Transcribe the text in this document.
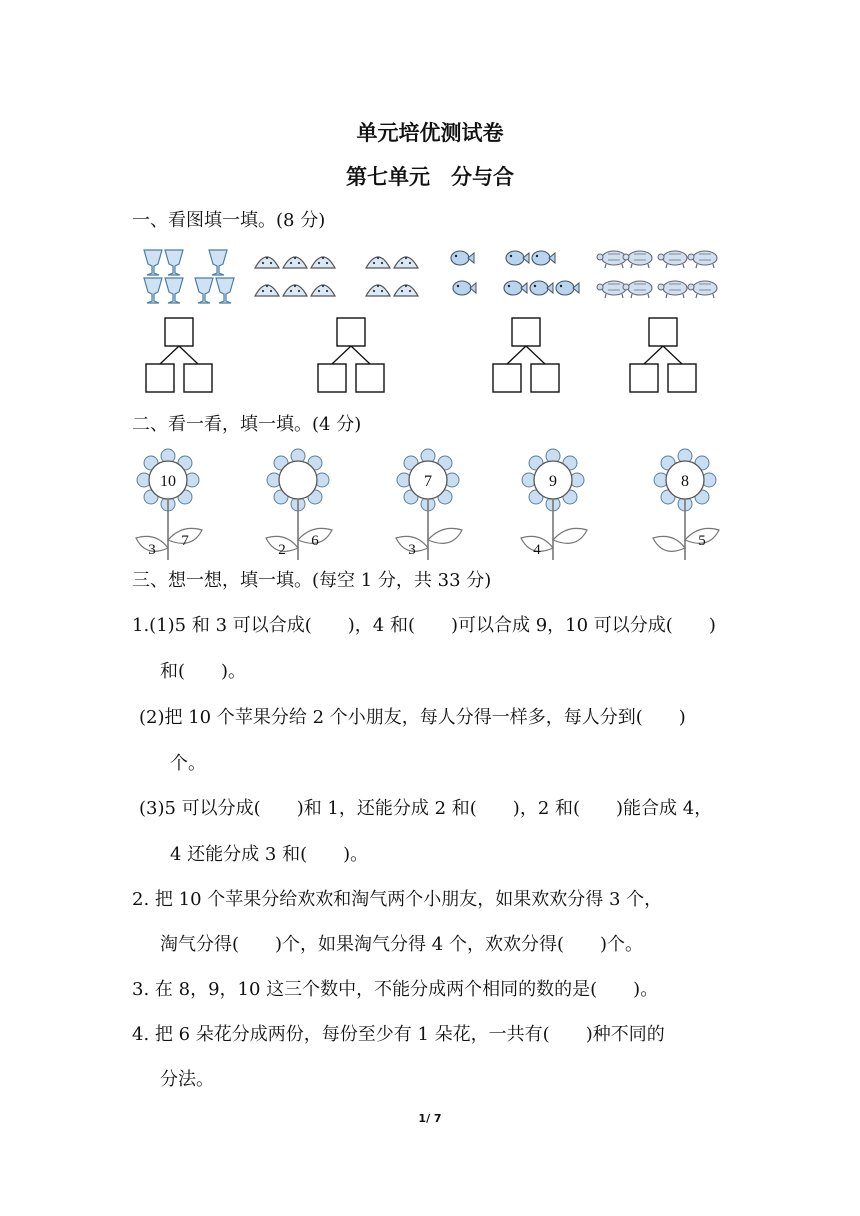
单元培优测试卷
第七单元　分与合
一、看图填一填。(8 分)
二、看一看，填一填。(4 分)
10
3
7
2
6
7
3
9
4
8
5
三、想一想，填一填。(每空 1 分，共 33 分)
1.(1)5 和 3 可以合成(　　)，4 和(　　)可以合成 9，10 可以分成(　　)
和(　　)。
(2)把 10 个苹果分给 2 个小朋友，每人分得一样多，每人分到(　　)
个。
(3)5 可以分成(　　)和 1，还能分成 2 和(　　)，2 和(　　)能合成 4，
4 还能分成 3 和(　　)。
2. 把 10 个苹果分给欢欢和淘气两个小朋友，如果欢欢分得 3 个，
淘气分得(　　)个，如果淘气分得 4 个，欢欢分得(　　)个。
3. 在 8，9，10 这三个数中，不能分成两个相同的数的是(　　)。
4. 把 6 朵花分成两份，每份至少有 1 朵花，一共有(　　)种不同的
分法。
1/ 7
